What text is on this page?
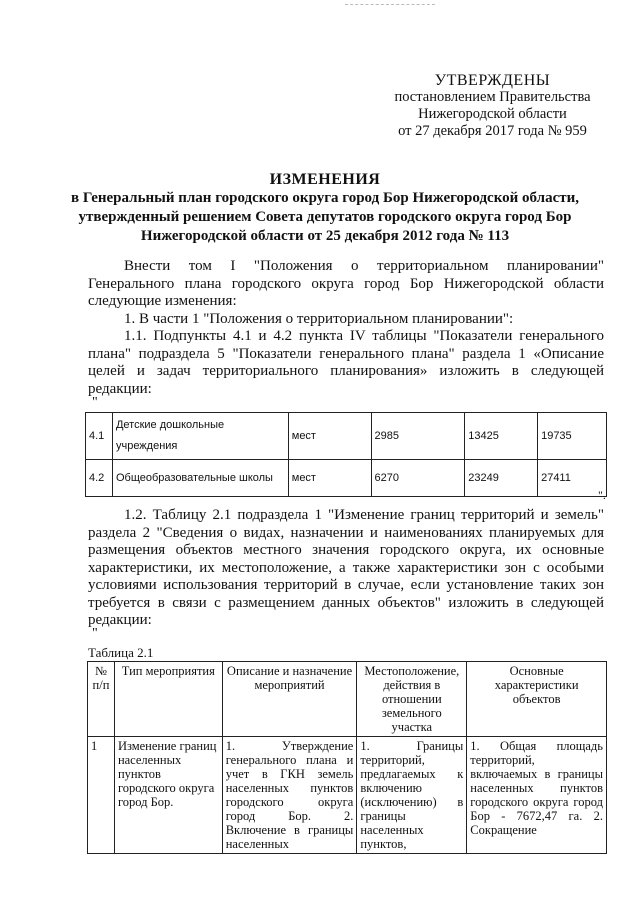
УТВЕРЖДЕНЫ
постановлением Правительства
Нижегородской области
от 27 декабря 2017 года № 959
ИЗМЕНЕНИЯ
в Генеральный план городского округа город Бор Нижегородской области,
утвержденный решением Совета депутатов городского округа город Бор
Нижегородской области от 25 декабря 2012 года № 113

Внести том I "Положения о территориальном планировании" Генерального плана городского округа город Бор Нижегородской области следующие изменения:

1. В части 1 "Положения о территориальном планировании":

1.1. Подпункты 4.1 и 4.2 пункта IV таблицы "Показатели генерального плана" подраздела 5 "Показатели генерального плана" раздела 1 «Описание целей и задач территориального планирования» изложить в следующей редакции:

"
4.1	Детские дошкольные учреждения	мест	2985	13425	19735
4.2	Общеобразовательные школы	мест	6270	23249	27411
".

1.2. Таблицу 2.1 подраздела 1 "Изменение границ территорий и земель" раздела 2 "Сведения о видах, назначении и наименованиях планируемых для размещения объектов местного значения городского округа, их основные характеристики, их местоположение, а также характеристики зон с особыми условиями использования территорий в случае, если установление таких зон требуется в связи с размещением данных объектов" изложить в следующей редакции:

"
Таблица 2.1
№ п/п	Тип мероприятия	Описание и назначение мероприятий	Местоположение, действия в отношении земельного участка	Основные характеристики объектов
1	Изменение границ населенных пунктов городского округа город Бор.	1. Утверждение генерального плана и учет в ГКН земель населенных пунктов городского округа город Бор. 2. Включение в границы населенных	1. Границы территорий, предлагаемых к включению (исключению) в границы населенных пунктов,	1. Общая площадь территорий, включаемых в границы населенных пунктов городского округа город Бор - 7672,47 га. 2. Сокращение
